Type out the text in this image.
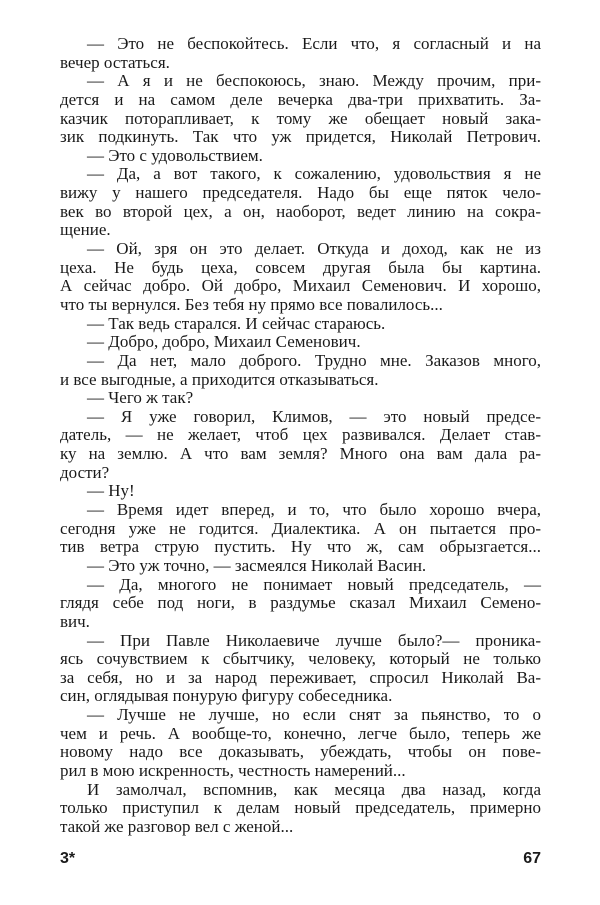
— Это не беспокойтесь. Если что, я согласный и на
вечер остаться.
— А я и не беспокоюсь, знаю. Между прочим, при-
дется и на самом деле вечерка два-три прихватить. За-
казчик поторапливает, к тому же обещает новый зака-
зик подкинуть. Так что уж придется, Николай Петрович.
— Это с удовольствием.
— Да, а вот такого, к сожалению, удовольствия я не
вижу у нашего председателя. Надо бы еще пяток чело-
век во второй цех, а он, наоборот, ведет линию на сокра-
щение.
— Ой, зря он это делает. Откуда и доход, как не из
цеха. Не будь цеха, совсем другая была бы картина.
А сейчас добро. Ой добро, Михаил Семенович. И хорошо,
что ты вернулся. Без тебя ну прямо все повалилось...
— Так ведь старался. И сейчас стараюсь.
— Добро, добро, Михаил Семенович.
— Да нет, мало доброго. Трудно мне. Заказов много,
и все выгодные, а приходится отказываться.
— Чего ж так?
— Я уже говорил, Климов, — это новый предсе-
датель, — не желает, чтоб цех развивался. Делает став-
ку на землю. А что вам земля? Много она вам дала ра-
дости?
— Ну!
— Время идет вперед, и то, что было хорошо вчера,
сегодня уже не годится. Диалектика. А он пытается про-
тив ветра струю пустить. Ну что ж, сам обрызгается...
— Это уж точно, — засмеялся Николай Васин.
— Да, многого не понимает новый председатель, —
глядя себе под ноги, в раздумье сказал Михаил Семено-
вич.
— При Павле Николаевиче лучше было?— проника-
ясь сочувствием к сбытчику, человеку, который не только
за себя, но и за народ переживает, спросил Николай Ва-
син, оглядывая понурую фигуру собеседника.
— Лучше не лучше, но если снят за пьянство, то о
чем и речь. А вообще-то, конечно, легче было, теперь же
новому надо все доказывать, убеждать, чтобы он пове-
рил в мою искренность, честность намерений...
И замолчал, вспомнив, как месяца два назад, когда
только приступил к делам новый председатель, примерно
такой же разговор вел с женой...
3*	67
